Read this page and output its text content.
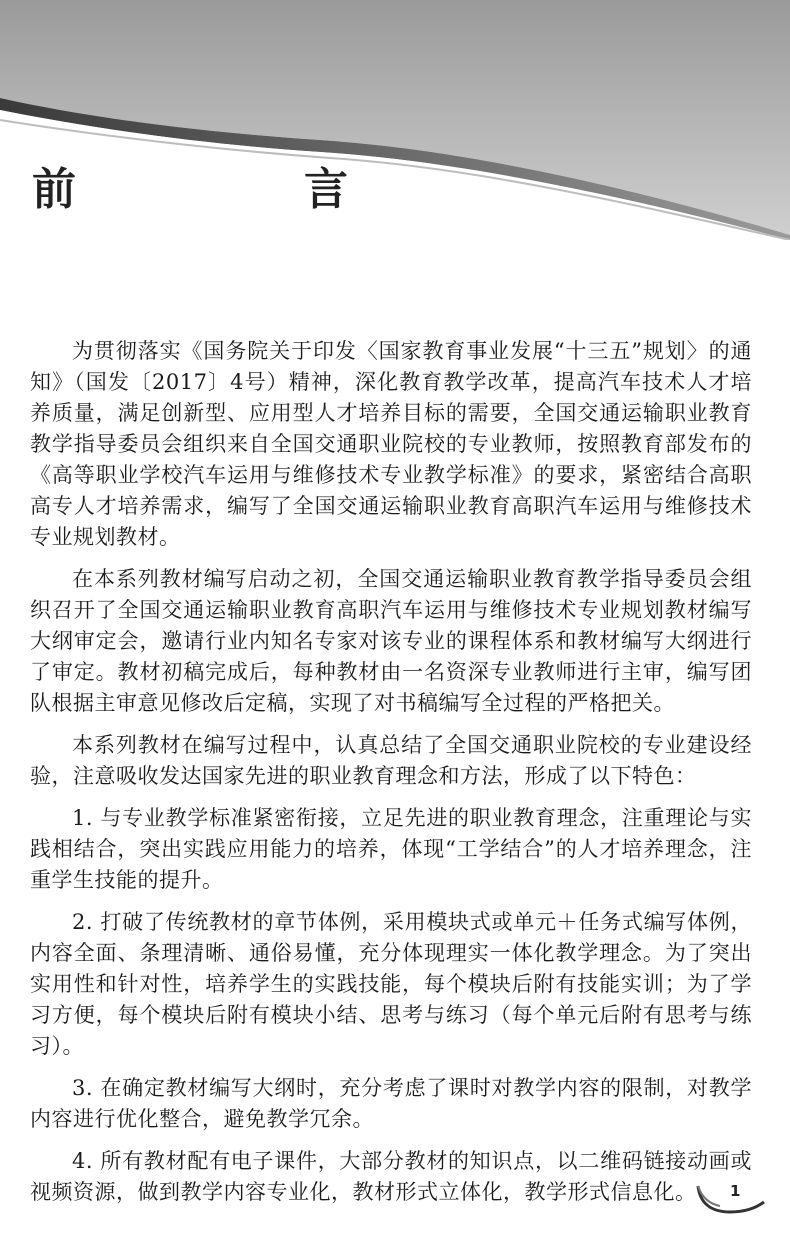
前　言

为贯彻落实《国务院关于印发〈国家教育事业发展“十三五”规划〉的通知》（国发〔2017〕4号）精神，深化教育教学改革，提高汽车技术人才培养质量，满足创新型、应用型人才培养目标的需要，全国交通运输职业教育教学指导委员会组织来自全国交通职业院校的专业教师，按照教育部发布的《高等职业学校汽车运用与维修技术专业教学标准》的要求，紧密结合高职高专人才培养需求，编写了全国交通运输职业教育高职汽车运用与维修技术专业规划教材。

在本系列教材编写启动之初，全国交通运输职业教育教学指导委员会组织召开了全国交通运输职业教育高职汽车运用与维修技术专业规划教材编写大纲审定会，邀请行业内知名专家对该专业的课程体系和教材编写大纲进行了审定。教材初稿完成后，每种教材由一名资深专业教师进行主审，编写团队根据主审意见修改后定稿，实现了对书稿编写全过程的严格把关。

本系列教材在编写过程中，认真总结了全国交通职业院校的专业建设经验，注意吸收发达国家先进的职业教育理念和方法，形成了以下特色：

1. 与专业教学标准紧密衔接，立足先进的职业教育理念，注重理论与实践相结合，突出实践应用能力的培养，体现“工学结合”的人才培养理念，注重学生技能的提升。

2. 打破了传统教材的章节体例，采用模块式或单元＋任务式编写体例，内容全面、条理清晰、通俗易懂，充分体现理实一体化教学理念。为了突出实用性和针对性，培养学生的实践技能，每个模块后附有技能实训；为了学习方便，每个模块后附有模块小结、思考与练习（每个单元后附有思考与练习）。

3. 在确定教材编写大纲时，充分考虑了课时对教学内容的限制，对教学内容进行优化整合，避免教学冗余。

4. 所有教材配有电子课件，大部分教材的知识点，以二维码链接动画或视频资源，做到教学内容专业化，教材形式立体化，教学形式信息化。	1
